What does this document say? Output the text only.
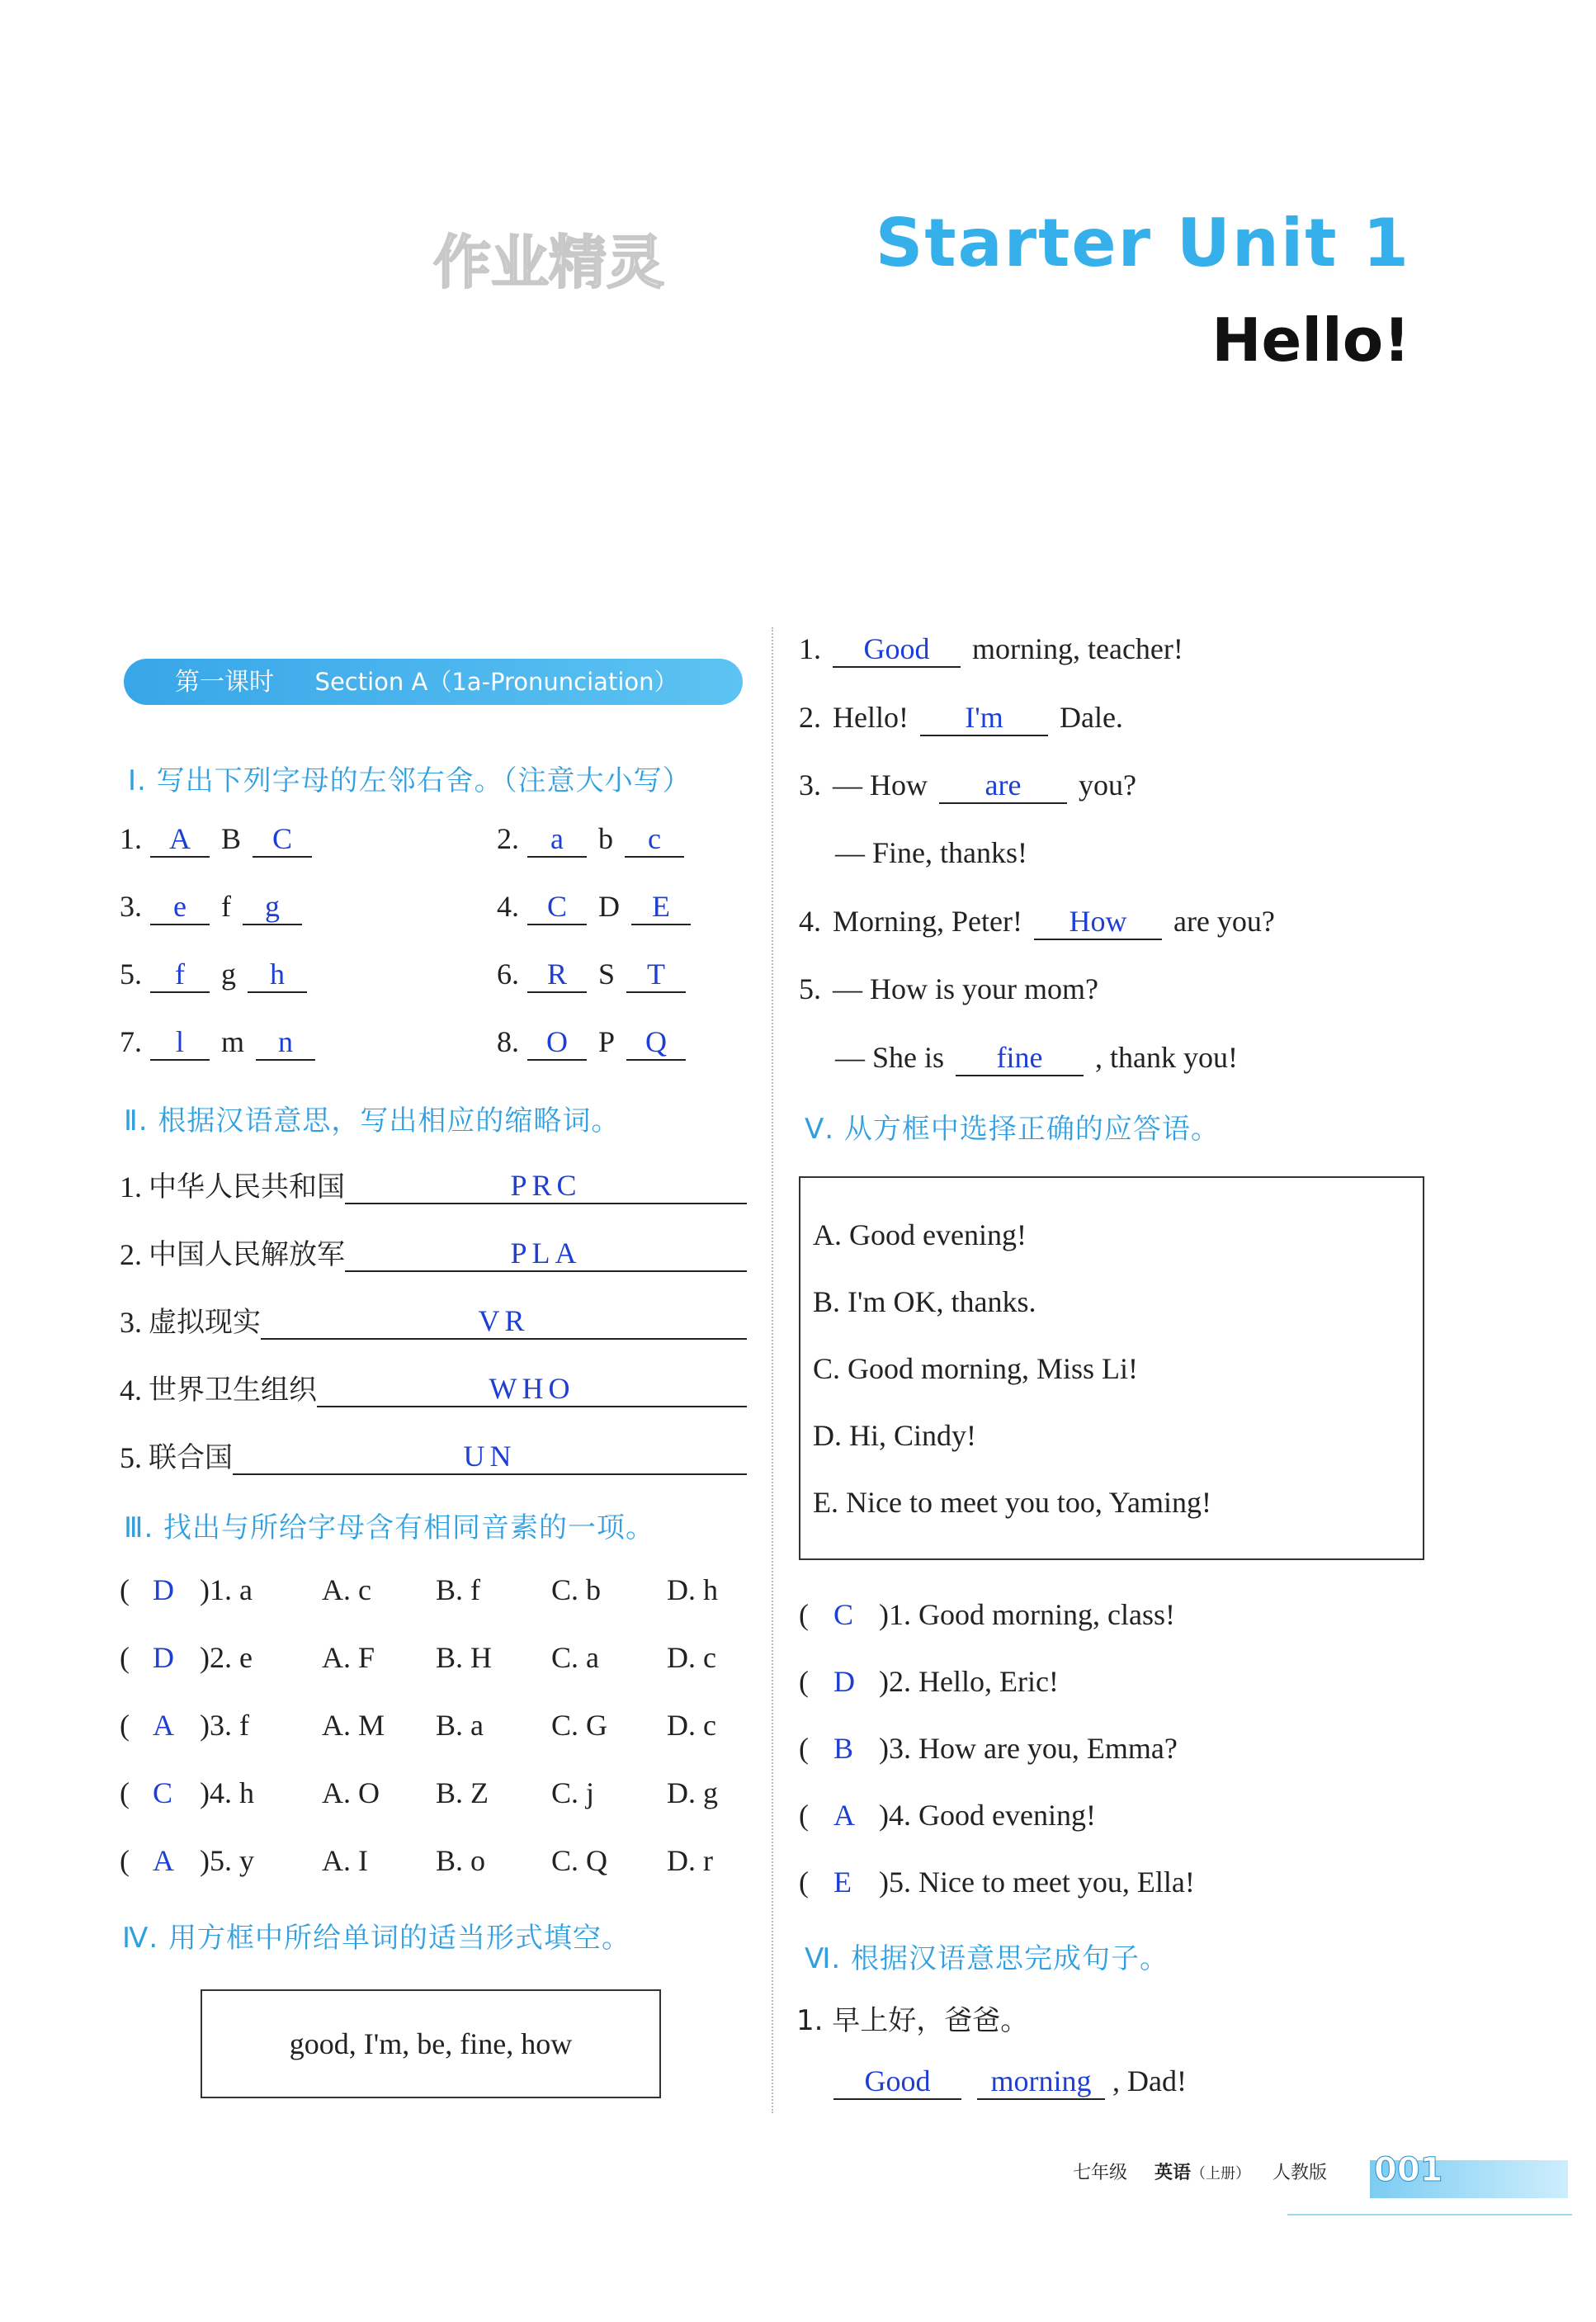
作业精灵	Starter Unit 1
Hello!
第一课时 Section A（1a-Pronunciation）
Ⅰ. 写出下列字母的左邻右舍。（注意大小写）
1. A B C	2. a b c
3. e f g	4. C D E
5. f g h	6. R S T
7. l m n	8. O P Q
Ⅱ. 根据汉语意思，写出相应的缩略词。
1. 中华人民共和国	PRC
2. 中国人民解放军	PLA
3. 虚拟现实	VR
4. 世界卫生组织	WHO
5. 联合国	UN
Ⅲ. 找出与所给字母含有相同音素的一项。
( D )1. a A. c B. f C. b D. h
( D )2. e A. F B. H C. a D. c
( A )3. f A. M B. a C. G D. c
( C )4. h A. O B. Z C. j D. g
( A )5. y A. I B. o C. Q D. r
Ⅳ. 用方框中所给单词的适当形式填空。
good, I'm, be, fine, how
1. Good morning, teacher!
2. Hello! I'm Dale.
3. — How are you?
— Fine, thanks!
4. Morning, Peter! How are you?
5. — How is your mom?
— She is fine , thank you!
Ⅴ. 从方框中选择正确的应答语。
A. Good evening!
B. I'm OK, thanks.
C. Good morning, Miss Li!
D. Hi, Cindy!
E. Nice to meet you too, Yaming!
( C )1. Good morning, class!
( D )2. Hello, Eric!
( B )3. How are you, Emma?
( A )4. Good evening!
( E )5. Nice to meet you, Ella!
Ⅵ. 根据汉语意思完成句子。
1. 早上好，爸爸。
Good morning , Dad!
七年级 英语（上册） 人教版 001
